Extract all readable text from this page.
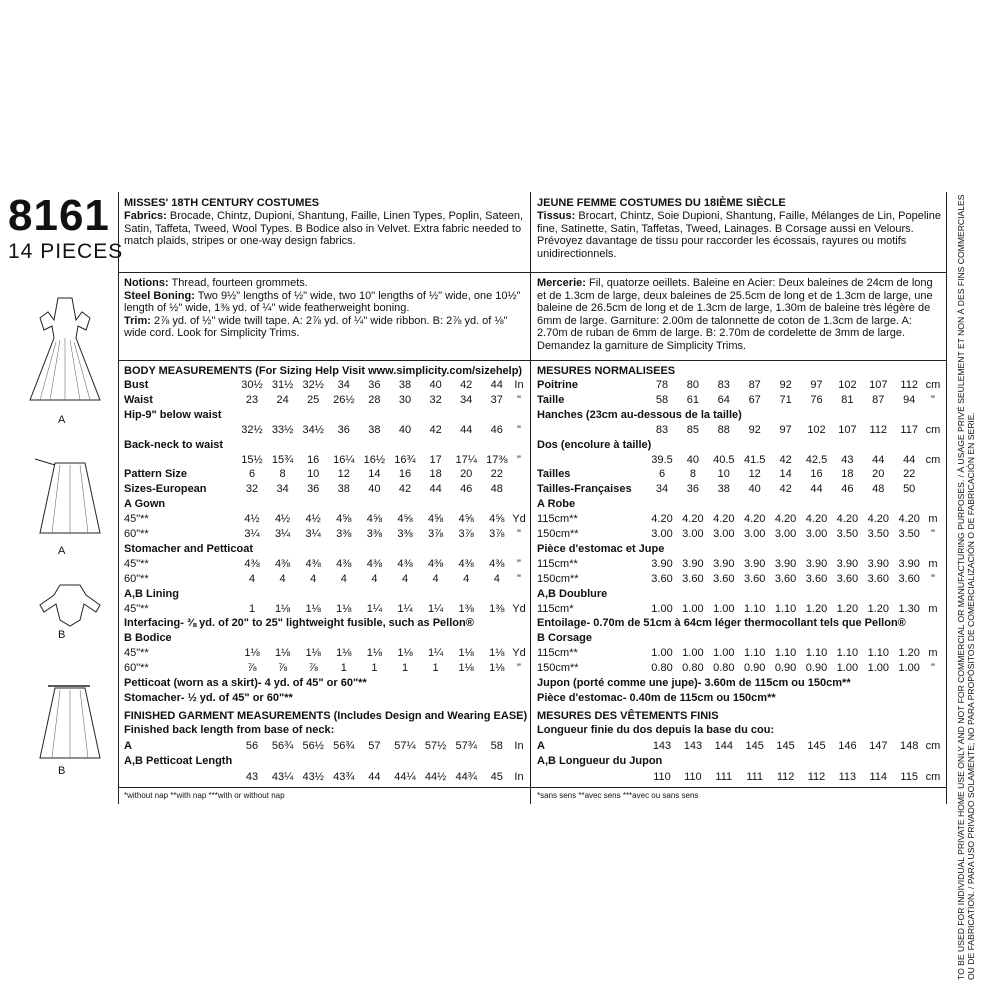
8161
14 PIECES
A
A
B
B
MISSES' 18TH CENTURY COSTUMES
Fabrics: Brocade, Chintz, Dupioni, Shantung, Faille, Linen Types, Poplin, Sateen, Satin, Taffeta, Tweed, Wool Types. B Bodice also in Velvet. Extra fabric needed to match plaids, stripes or one-way design fabrics.
Notions: Thread, fourteen grommets.
Steel Boning: Two 9½" lengths of ½" wide, two 10" lengths of ½" wide, one 10½" length of ½" wide, 1⅜ yd. of ¼" wide featherweight boning.
Trim: 2⅞ yd. of ½" wide twill tape. A: 2⅞ yd. of ¼" wide ribbon. B: 2⅞ yd. of ⅛" wide cord. Look for Simplicity Trims.
BODY MEASUREMENTS (For Sizing Help Visit www.simplicity.com/sizehelp)
Bust	30½ 31½ 32½	34	36	38	40	42	44	In
Waist	23	24	25	26½	28	30	32	34	37	"
Hip-9" below waist
32½ 33½ 34½	36	38	40	42	44	46	"
Back-neck to waist
15½ 15¾	16	16¼ 16½ 16¾	17	17¼ 17⅜ "
Pattern Size	6	8	10	12	14	16	18	20	22
Sizes-European	32	34	36	38	40	42	44	46	48
A Gown
45"**	4½	4½	4½	4⅝	4⅝	4⅝	4⅝	4⅝	4⅝ Yd
60"**	3¼	3¼	3¼	3⅜	3⅜	3⅜	3⅞	3⅞	3⅞	"
Stomacher and Petticoat
45"**	4⅜	4⅜	4⅜	4⅜	4⅜	4⅜	4⅜	4⅜	4⅜	"
60"**	4	4	4	4	4	4	4	4	4	"
A,B Lining
45"**	1	1⅛	1⅛	1⅛	1¼	1¼	1¼	1⅜	1⅜ Yd
Interfacing- ⅜ yd. of 20" to 25" lightweight fusible, such as Pellon®
B Bodice
45"**	1⅛	1⅛	1⅛	1⅛	1⅛	1⅛	1¼	1⅛	1⅛ Yd
60"**	⅞	⅞	⅞	1	1	1	1	1⅛	1⅛	"
Petticoat (worn as a skirt)- 4 yd. of 45" or 60"**
Stomacher- ½ yd. of 45" or 60"**
FINISHED GARMENT MEASUREMENTS (Includes Design and Wearing EASE)
Finished back length from base of neck:
A	56	56¾ 56½ 56¾	57	57¼ 57½ 57¾	58	In
A,B Petticoat Length
43	43¼ 43½ 43¾	44	44¼ 44½ 44¾	45	In
*without nap **with nap ***with or without nap
JEUNE FEMME COSTUMES DU 18IÈME SIÈCLE
Tissus: Brocart, Chintz, Soie Dupioni, Shantung, Faille, Mélanges de Lin, Popeline fine, Satinette, Satin, Taffetas, Tweed, Lainages. B Corsage aussi en Velours. Prévoyez davantage de tissu pour raccorder les écossais, rayures ou motifs unidirectionnels.
Mercerie: Fil, quatorze oeillets. Baleine en Acier: Deux baleines de 24cm de long et de 1.3cm de large, deux baleines de 25.5cm de long et de 1.3cm de large, une baleine de 26.5cm de long et de 1.3cm de large, 1.30m de baleine très légère de 6mm de large. Garniture: 2.00m de talonnette de coton de 1.3cm de large. A: 2.70m de ruban de 6mm de large. B: 2.70m de cordelette de 3mm de large. Demandez la garniture de Simplicity Trims.
MESURES NORMALISEES
Poitrine	78	80	83	87	92	97	102	107	112 cm
Taille	58	61	64	67	71	76	81	87	94	"
Hanches (23cm au-dessous de la taille)
83	85	88	92	97	102	107	112	117 cm
Dos (encolure à taille)
39.5	40	40.5 41.5	42	42.5	43	44	44 cm
Tailles	6	8	10	12	14	16	18	20	22
Tailles-Françaises	34	36	38	40	42	44	46	48	50
A Robe
115cm**	4.20 4.20 4.20 4.20 4.20 4.20 4.20 4.20 4.20 m
150cm**	3.00 3.00 3.00 3.00 3.00 3.00 3.50 3.50 3.50	"
Pièce d'estomac et Jupe
115cm**	3.90 3.90 3.90 3.90 3.90 3.90 3.90 3.90 3.90 m
150cm**	3.60 3.60 3.60 3.60 3.60 3.60 3.60 3.60 3.60	"
A,B Doublure
115cm*	1.00 1.00 1.00 1.10 1.10 1.20 1.20 1.20 1.30 m
Entoilage- 0.70m de 51cm à 64cm léger thermocollant tels que Pellon®
B Corsage
115cm**	1.00 1.00 1.00 1.10 1.10 1.10 1.10 1.10 1.20 m
150cm**	0.80 0.80 0.80 0.90 0.90 0.90 1.00 1.00 1.00	"
Jupon (porté comme une jupe)- 3.60m de 115cm ou 150cm**
Pièce d'estomac- 0.40m de 115cm ou 150cm**
MESURES DES VÊTEMENTS FINIS
Longueur finie du dos depuis la base du cou:
A	143	143	144	145	145	145	146	147	148 cm
A,B Longueur du Jupon
110	110	111	111	112	112	113	114	115 cm
*sans sens **avec sens ***avec ou sans sens	TO BE USED FOR INDIVIDUAL PRIVATE HOME USE ONLY AND NOT FOR COMMERCIAL OR MANUFACTURING PURPOSES. / À USAGE PRIVÉ SEULEMENT ET NON À DES FINS COMMERCIALES OU DE FABRICATION. / PARA USO PRIVADO SOLAMENTE; NO PARA PROPÓSITOS DE COMERCIALIZACIÓN O DE FABRICACIÓN EN SERIE.
